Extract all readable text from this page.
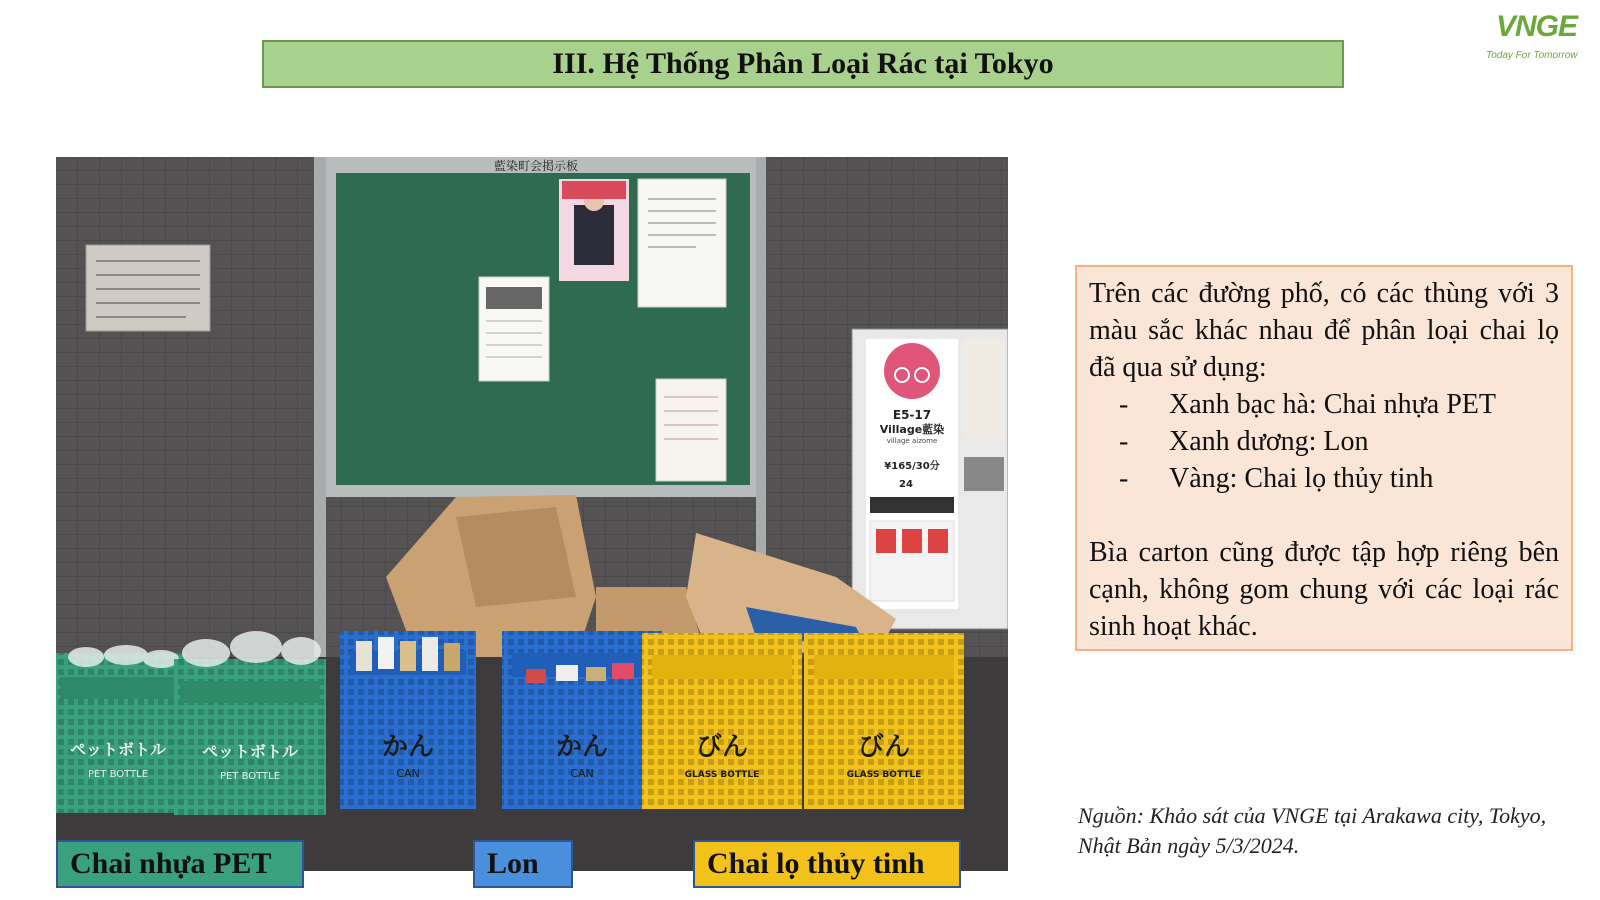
III. Hệ Thống Phân Loại Rác tại Tokyo
VNGE
Today For Tomorrow
藍染町会掲示板
E5-17
Village藍染
village aizome
¥165/30分
24
ペットボトル
PET BOTTLE
ペットボトル
PET BOTTLE
かん
CAN
かん
CAN
びん
GLASS BOTTLE
びん
GLASS BOTTLE
Chai nhựa PET	Lon	Chai lọ thủy tinh

Trên các đường phố, có các thùng với 3 màu sắc khác nhau để phân loại chai lọ đã qua sử dụng:

- Xanh bạc hà: Chai nhựa PET
- Xanh dương: Lon
- Vàng: Chai lọ thủy tinh

Bìa carton cũng được tập hợp riêng bên cạnh, không gom chung với các loại rác sinh hoạt khác.

Nguồn: Khảo sát của VNGE tại Arakawa city, Tokyo, Nhật Bản ngày 5/3/2024.
